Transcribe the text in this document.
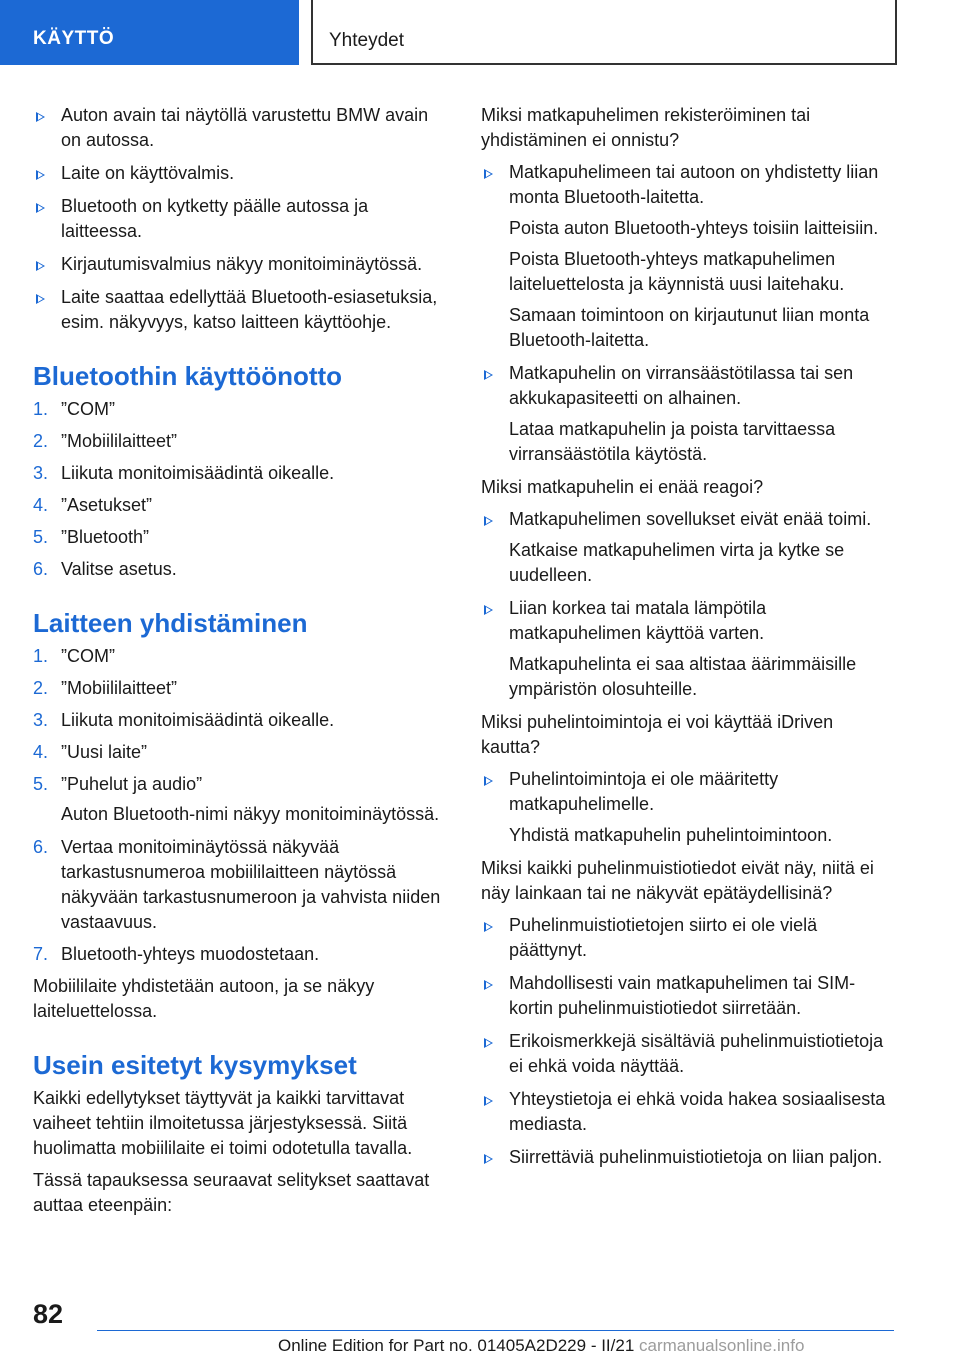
KÄYTTÖ	Yhteydet
Auton avain tai näytöllä varustettu BMW avain on autossa.
Laite on käyttövalmis.
Bluetooth on kytketty päälle autossa ja laitteessa.
Kirjautumisvalmius näkyy monitoiminäytössä.
Laite saattaa edellyttää Bluetooth-esiasetuksia, esim. näkyvyys, katso laitteen käyttöohje.
Bluetoothin käyttöönotto
1. ”COM”
2. ”Mobiililaitteet”
3. Liikuta monitoimisäädintä oikealle.
4. ”Asetukset”
5. ”Bluetooth”
6. Valitse asetus.
Laitteen yhdistäminen
1. ”COM”
2. ”Mobiililaitteet”
3. Liikuta monitoimisäädintä oikealle.
4. ”Uusi laite”
5. ”Puhelut ja audio”
Auton Bluetooth-nimi näkyy monitoiminäytössä.
6. Vertaa monitoiminäytössä näkyvää tarkastusnumeroa mobiililaitteen näytössä näkyvään tarkastusnumeroon ja vahvista niiden vastaavuus.
7. Bluetooth-yhteys muodostetaan.
Mobiililaite yhdistetään autoon, ja se näkyy laiteluettelossa.
Usein esitetyt kysymykset
Kaikki edellytykset täyttyvät ja kaikki tarvittavat vaiheet tehtiin ilmoitetussa järjestyksessä. Siitä huolimatta mobiililaite ei toimi odotetulla tavalla.
Tässä tapauksessa seuraavat selitykset saattavat auttaa eteenpäin:
Miksi matkapuhelimen rekisteröiminen tai yhdistäminen ei onnistu?
Matkapuhelimeen tai autoon on yhdistetty liian monta Bluetooth-laitetta.
Poista auton Bluetooth-yhteys toisiin laitteisiin.
Poista Bluetooth-yhteys matkapuhelimen laiteluettelosta ja käynnistä uusi laitehaku.
Samaan toimintoon on kirjautunut liian monta Bluetooth-laitetta.
Matkapuhelin on virransäästötilassa tai sen akkukapasiteetti on alhainen.
Lataa matkapuhelin ja poista tarvittaessa virransäästötila käytöstä.
Miksi matkapuhelin ei enää reagoi?
Matkapuhelimen sovellukset eivät enää toimi.
Katkaise matkapuhelimen virta ja kytke se uudelleen.
Liian korkea tai matala lämpötila matkapuhelimen käyttöä varten.
Matkapuhelinta ei saa altistaa äärimmäisille ympäristön olosuhteille.
Miksi puhelintoimintoja ei voi käyttää iDriven kautta?
Puhelintoimintoja ei ole määritetty matkapuhelimelle.
Yhdistä matkapuhelin puhelintoimintoon.
Miksi kaikki puhelinmuistiotiedot eivät näy, niitä ei näy lainkaan tai ne näkyvät epätäydellisinä?
Puhelinmuistiotietojen siirto ei ole vielä päättynyt.
Mahdollisesti vain matkapuhelimen tai SIM-kortin puhelinmuistiotiedot siirretään.
Erikoismerkkejä sisältäviä puhelinmuistiotietoja ei ehkä voida näyttää.
Yhteystietoja ei ehkä voida hakea sosiaalisesta mediasta.
Siirrettäviä puhelinmuistiotietoja on liian paljon.
82
Online Edition for Part no. 01405A2D229 - II/21 carmanualsonline.info
